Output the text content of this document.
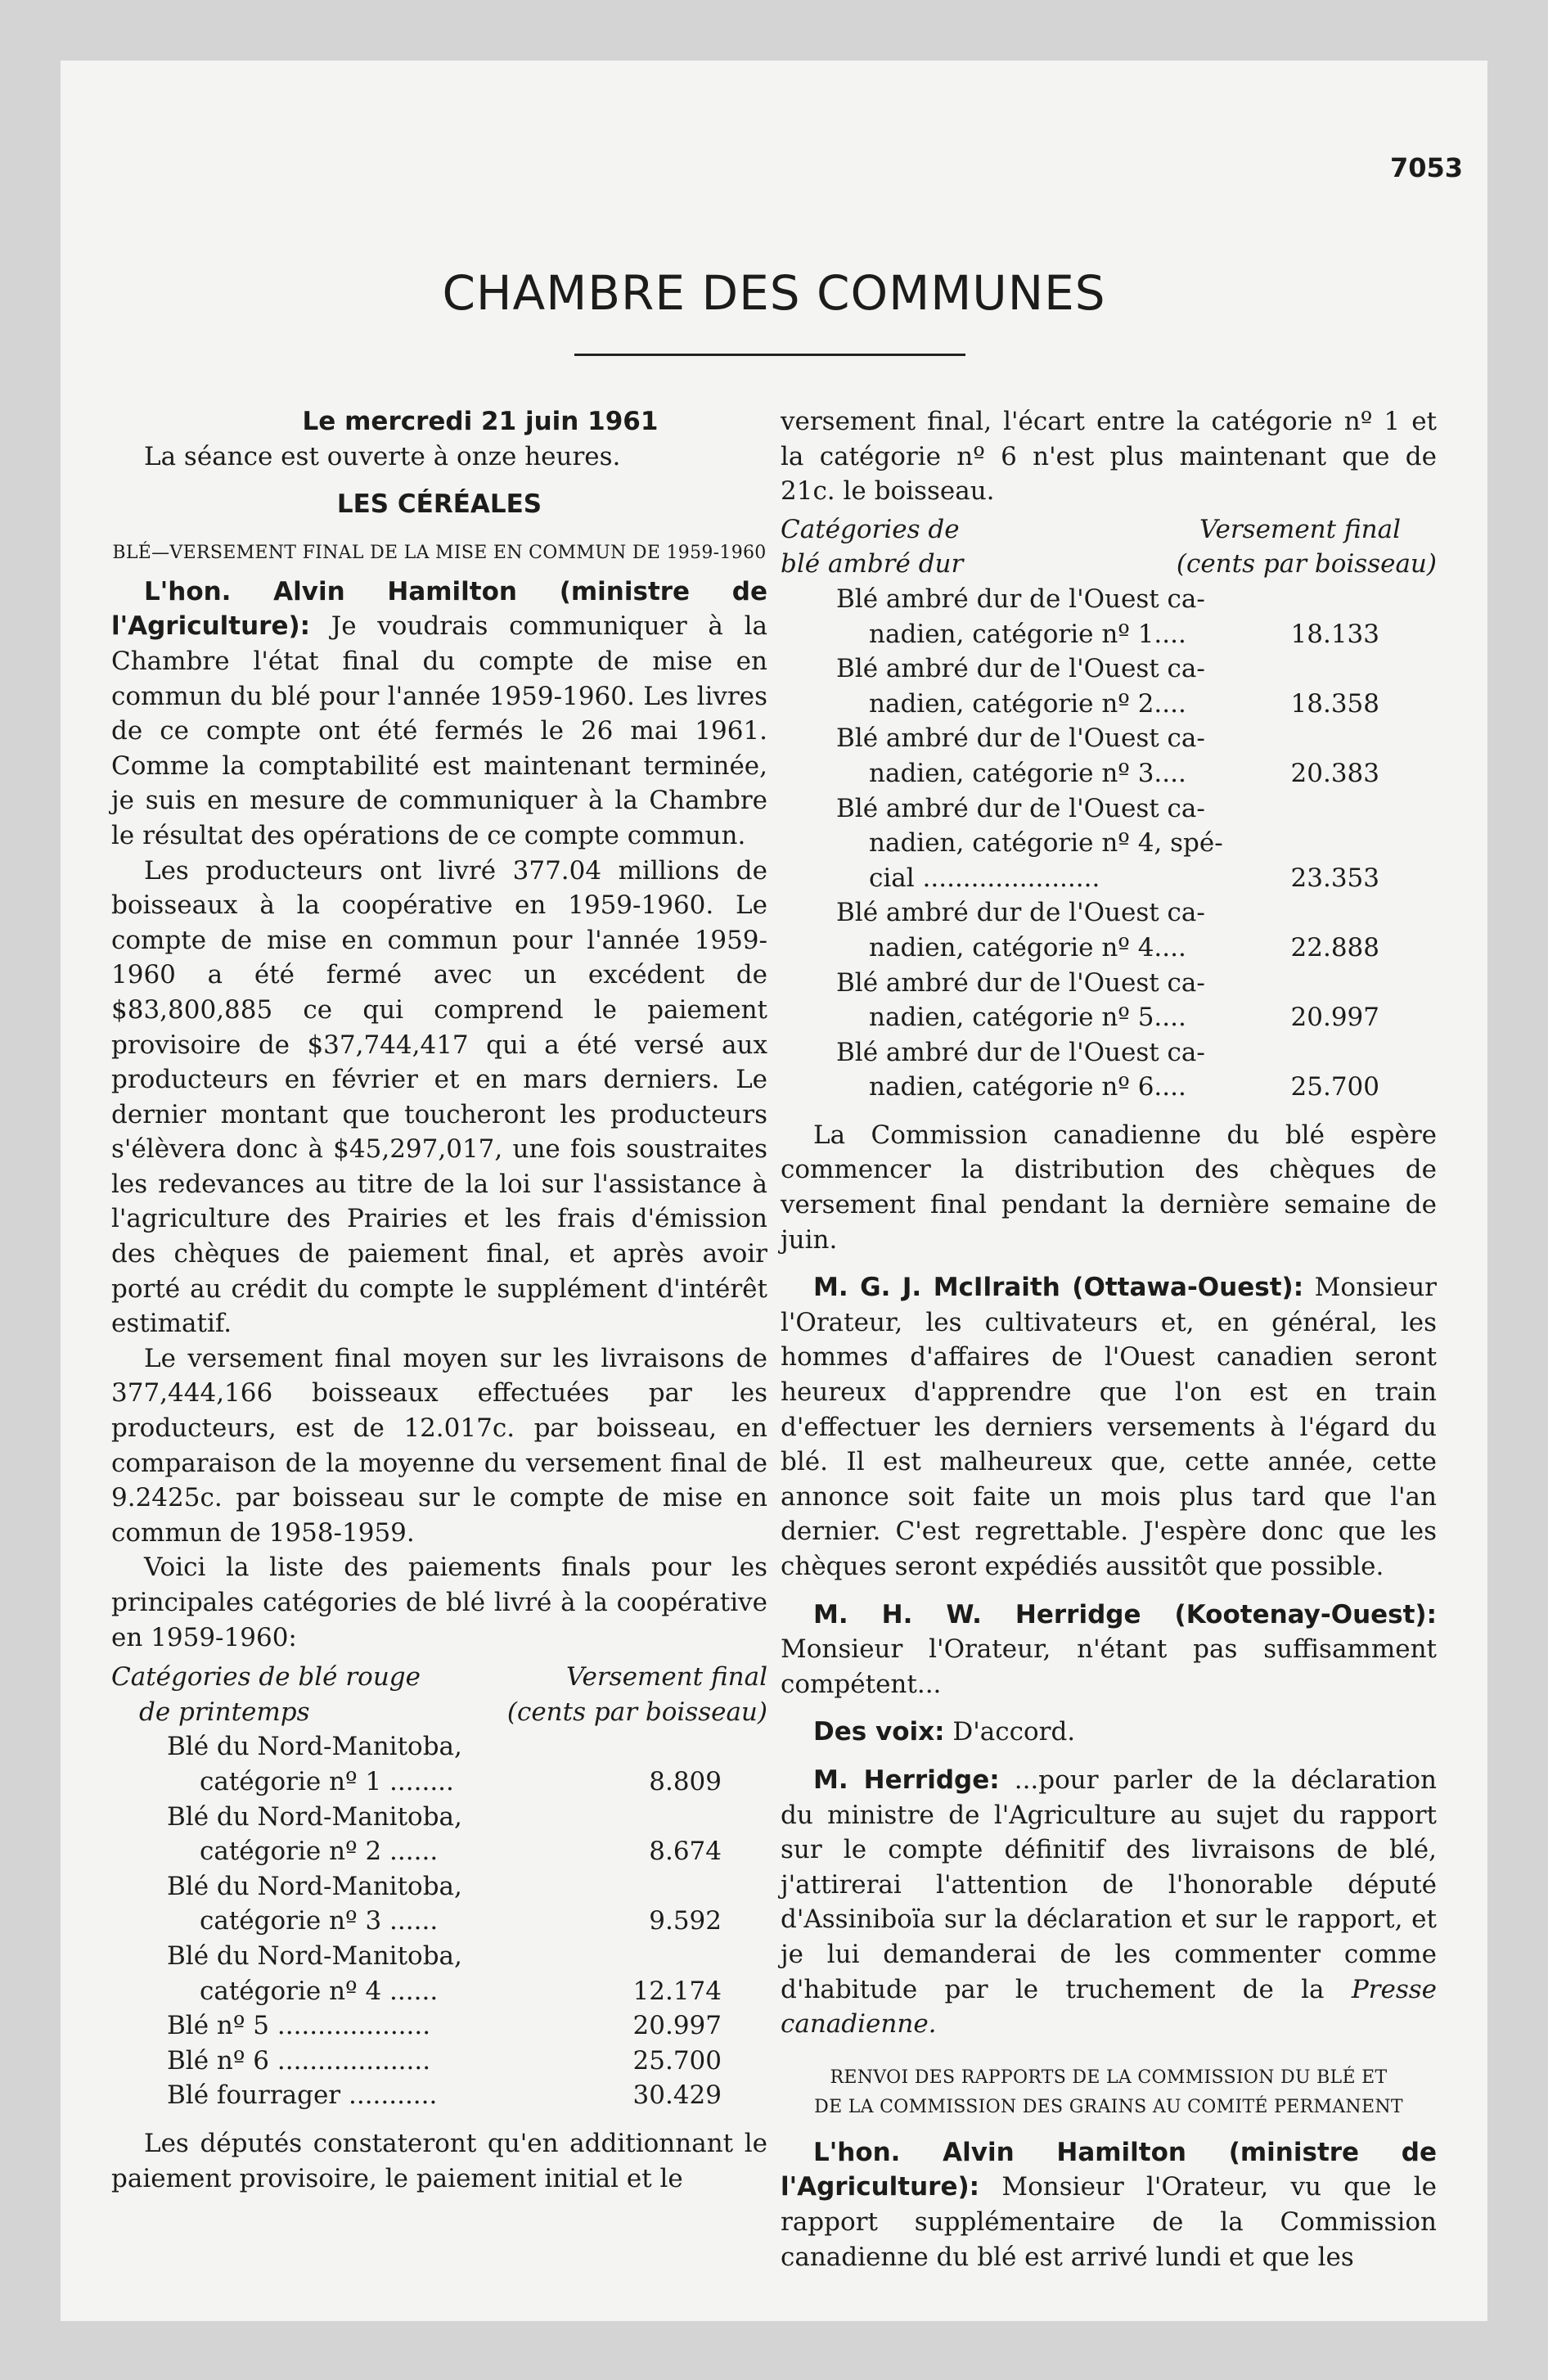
7053
CHAMBRE DES COMMUNES

Le mercredi 21 juin 1961

La séance est ouverte à onze heures.

LES CÉRÉALES

BLÉ—VERSEMENT FINAL DE LA MISE EN COMMUN DE 1959-1960

L'hon. Alvin Hamilton (ministre de l'Agriculture): Je voudrais communiquer à la Chambre l'état final du compte de mise en commun du blé pour l'année 1959-1960. Les livres de ce compte ont été fermés le 26 mai 1961. Comme la comptabilité est maintenant terminée, je suis en mesure de communiquer à la Chambre le résultat des opérations de ce compte commun.

Les producteurs ont livré 377.04 millions de boisseaux à la coopérative en 1959-1960. Le compte de mise en commun pour l'année 1959-1960 a été fermé avec un excédent de $83,800,885 ce qui comprend le paiement provisoire de $37,744,417 qui a été versé aux producteurs en février et en mars derniers. Le dernier montant que toucheront les producteurs s'élèvera donc à $45,297,017, une fois soustraites les redevances au titre de la loi sur l'assistance à l'agriculture des Prairies et les frais d'émission des chèques de paiement final, et après avoir porté au crédit du compte le supplément d'intérêt estimatif.

Le versement final moyen sur les livraisons de 377,444,166 boisseaux effectuées par les producteurs, est de 12.017c. par boisseau, en comparaison de la moyenne du versement final de 9.2425c. par boisseau sur le compte de mise en commun de 1958-1959.

Voici la liste des paiements finals pour les principales catégories de blé livré à la coopérative en 1959-1960:

Catégories de blé rouge	Versement final
de printemps	(cents par boisseau)
Blé du Nord-Manitoba,
catégorie nº 1 ........	8.809
Blé du Nord-Manitoba,
catégorie nº 2 ......	8.674
Blé du Nord-Manitoba,
catégorie nº 3 ......	9.592
Blé du Nord-Manitoba,
catégorie nº 4 ......	12.174
Blé nº 5 ...................	20.997
Blé nº 6 ...................	25.700
Blé fourrager ...........	30.429

Les députés constateront qu'en additionnant le paiement provisoire, le paiement initial et le

versement final, l'écart entre la catégorie nº 1 et la catégorie nº 6 n'est plus maintenant que de 21c. le boisseau.

Catégories de	Versement final
blé ambré dur	(cents par boisseau)
Blé ambré dur de l'Ouest ca-
nadien, catégorie nº 1....	18.133
Blé ambré dur de l'Ouest ca-
nadien, catégorie nº 2....	18.358
Blé ambré dur de l'Ouest ca-
nadien, catégorie nº 3....	20.383
Blé ambré dur de l'Ouest ca-
nadien, catégorie nº 4, spé-
cial ......................	23.353
Blé ambré dur de l'Ouest ca-
nadien, catégorie nº 4....	22.888
Blé ambré dur de l'Ouest ca-
nadien, catégorie nº 5....	20.997
Blé ambré dur de l'Ouest ca-
nadien, catégorie nº 6....	25.700

La Commission canadienne du blé espère commencer la distribution des chèques de versement final pendant la dernière semaine de juin.

M. G. J. McIlraith (Ottawa-Ouest): Monsieur l'Orateur, les cultivateurs et, en général, les hommes d'affaires de l'Ouest canadien seront heureux d'apprendre que l'on est en train d'effectuer les derniers versements à l'égard du blé. Il est malheureux que, cette année, cette annonce soit faite un mois plus tard que l'an dernier. C'est regrettable. J'espère donc que les chèques seront expédiés aussitôt que possible.

M. H. W. Herridge (Kootenay-Ouest): Monsieur l'Orateur, n'étant pas suffisamment compétent...

Des voix: D'accord.

M. Herridge: ...pour parler de la déclaration du ministre de l'Agriculture au sujet du rapport sur le compte définitif des livraisons de blé, j'attirerai l'attention de l'honorable député d'Assiniboïa sur la déclaration et sur le rapport, et je lui demanderai de les commenter comme d'habitude par le truchement de la Presse canadienne.

RENVOI DES RAPPORTS DE LA COMMISSION DU BLÉ ET DE LA COMMISSION DES GRAINS AU COMITÉ PERMANENT

L'hon. Alvin Hamilton (ministre de l'Agriculture): Monsieur l'Orateur, vu que le rapport supplémentaire de la Commission canadienne du blé est arrivé lundi et que les
